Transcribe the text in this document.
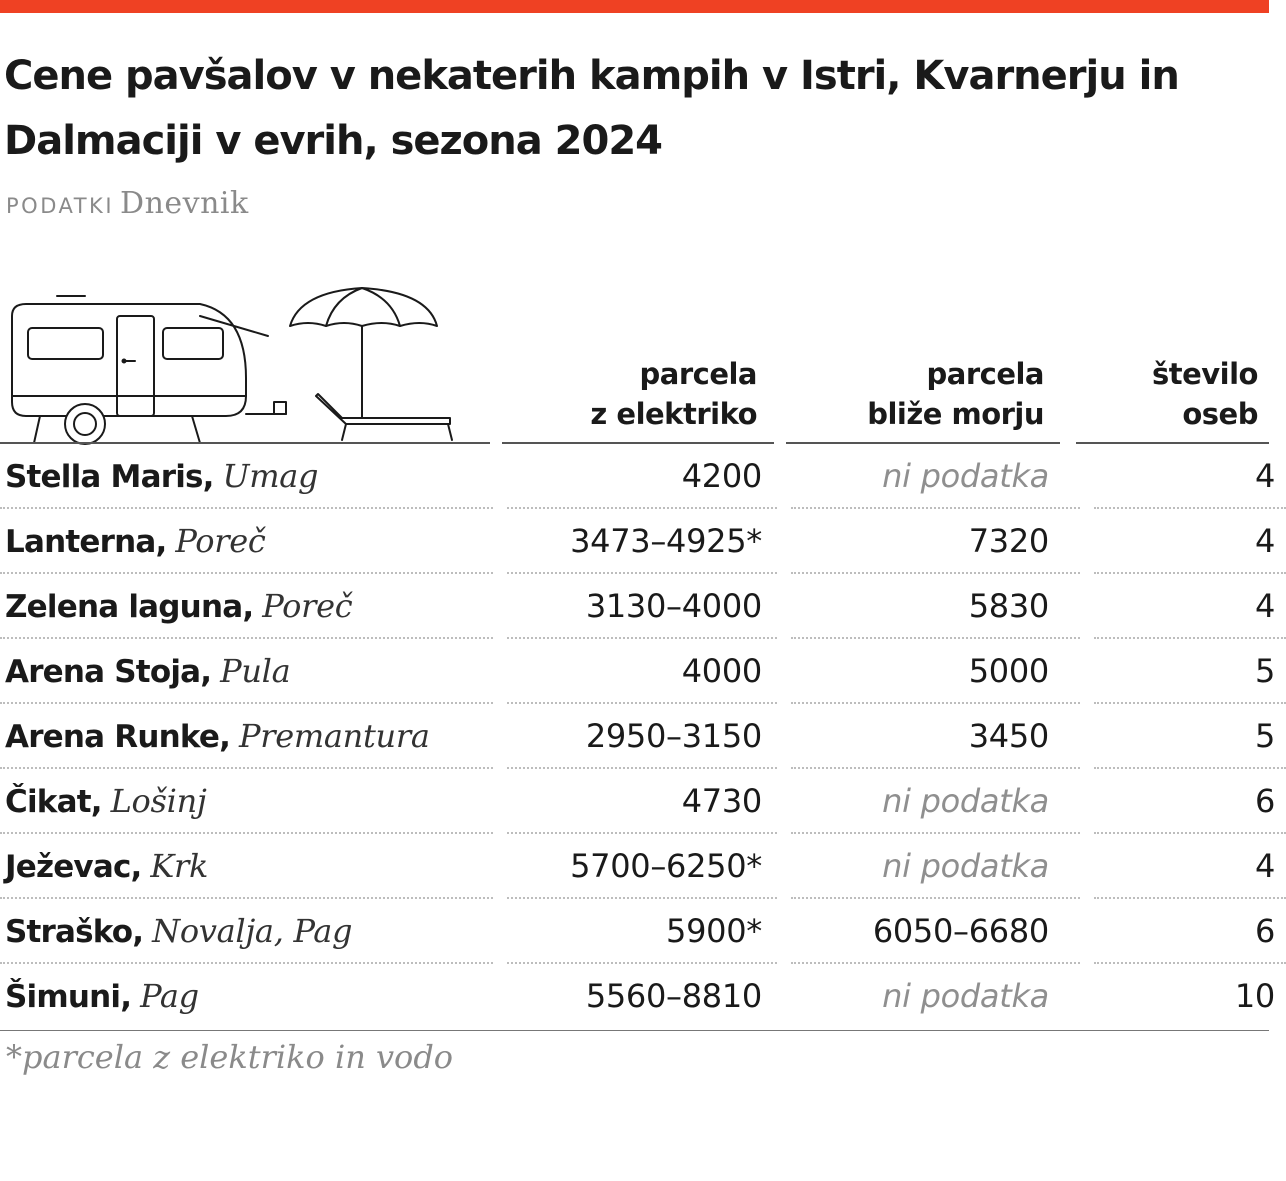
Cene pavšalov v nekaterih kampih v Istri, Kvarnerju in Dalmaciji v evrih, sezona 2024
PODATKI Dnevnik
parcela
z elektriko
parcela
bliže morju
število
oseb
Stella Maris, Umag		4200		ni podatka		4
Lanterna, Poreč		3473–4925*		7320		4
Zelena laguna, Poreč		3130–4000		5830		4
Arena Stoja, Pula		4000		5000		5
Arena Runke, Premantura		2950–3150		3450		5
Čikat, Lošinj		4730		ni podatka		6
Ježevac, Krk		5700–6250*		ni podatka		4
Straško, Novalja, Pag		5900*		6050–6680		6
Šimuni, Pag		5560–8810		ni podatka		10
*parcela z elektriko in vodo
